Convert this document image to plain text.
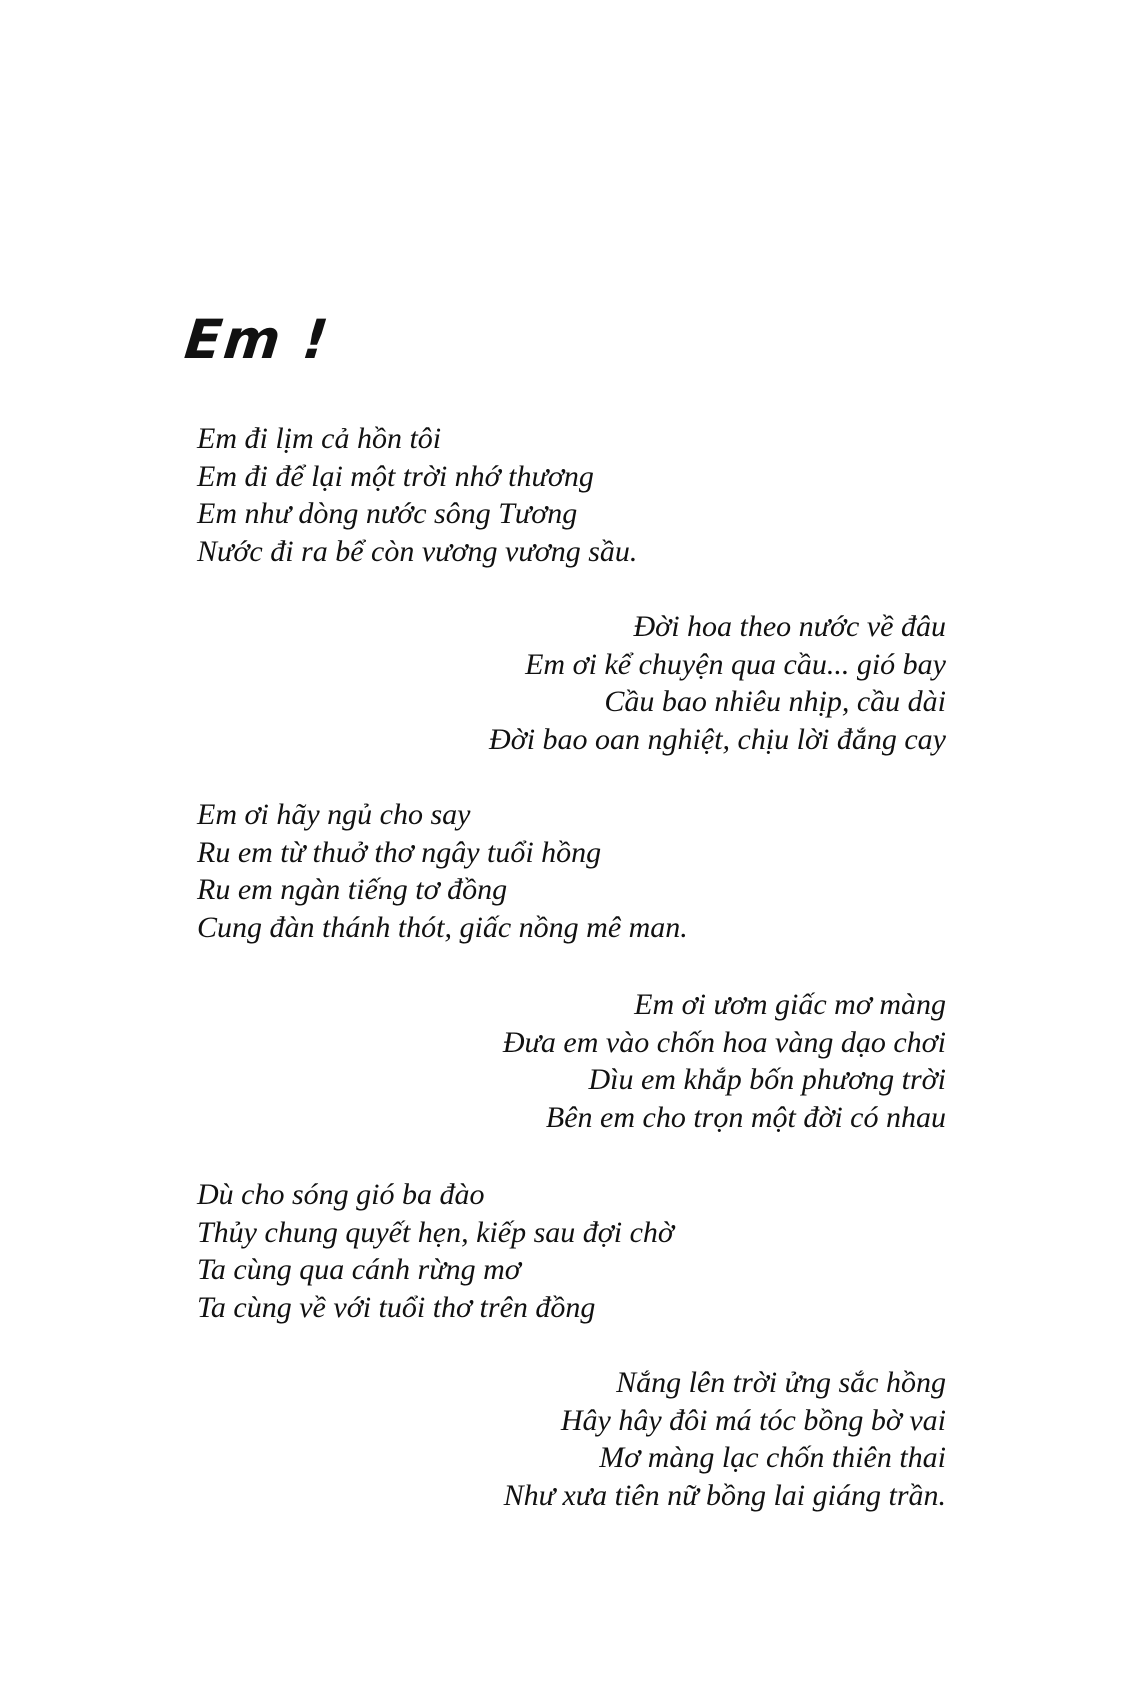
Em !
Em đi lịm cả hồn tôi
Em đi để lại một trời nhớ thương
Em như dòng nước sông Tương
Nước đi ra bể còn vương vương sầu.
Đời hoa theo nước về đâu
Em ơi kể chuyện qua cầu... gió bay
Cầu bao nhiêu nhịp, cầu dài
Đời bao oan nghiệt, chịu lời đắng cay
Em ơi hãy ngủ cho say
Ru em từ thuở thơ ngây tuổi hồng
Ru em ngàn tiếng tơ đồng
Cung đàn thánh thót, giấc nồng mê man.
Em ơi ươm giấc mơ màng
Đưa em vào chốn hoa vàng dạo chơi
Dìu em khắp bốn phương trời
Bên em cho trọn một đời có nhau
Dù cho sóng gió ba đào
Thủy chung quyết hẹn, kiếp sau đợi chờ
Ta cùng qua cánh rừng mơ
Ta cùng về với tuổi thơ trên đồng
Nắng lên trời ửng sắc hồng
Hây hây đôi má tóc bồng bờ vai
Mơ màng lạc chốn thiên thai
Như xưa tiên nữ bồng lai giáng trần.
